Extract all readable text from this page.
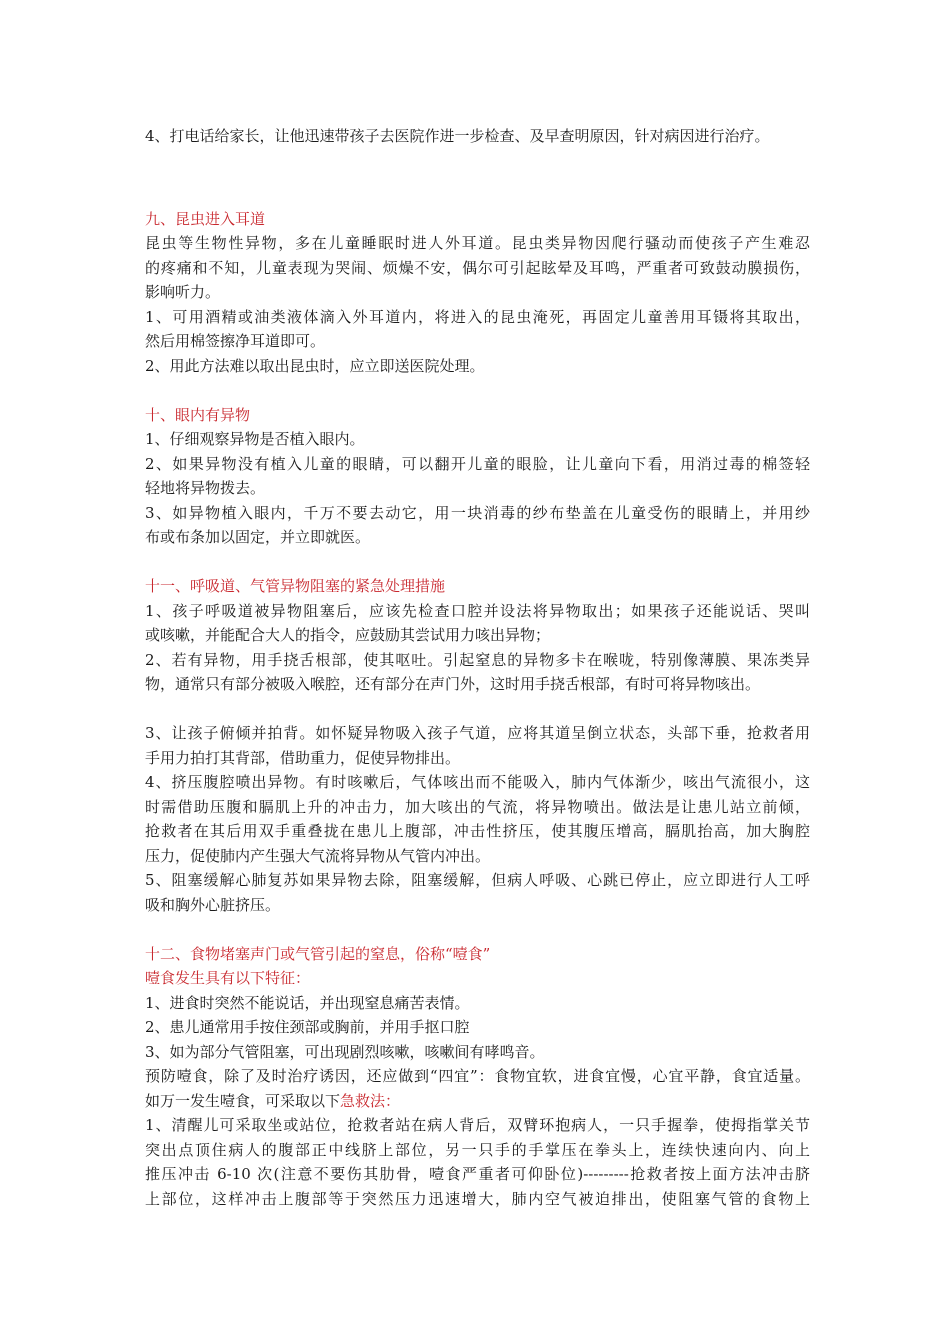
4、打电话给家长，让他迅速带孩子去医院作进一步检查、及早查明原因，针对病因进行治疗。
九、昆虫进入耳道
昆虫等生物性异物，多在儿童睡眠时进人外耳道。昆虫类异物因爬行骚动而使孩子产生难忍
的疼痛和不知，儿童表现为哭闹、烦燥不安，偶尔可引起眩晕及耳鸣，严重者可致鼓动膜损伤，
影响听力。
1、可用酒精或油类液体滴入外耳道内，将进入的昆虫淹死，再固定儿童善用耳镊将其取出，
然后用棉签擦净耳道即可。
2、用此方法难以取出昆虫时，应立即送医院处理。
十、眼内有异物
1、仔细观察异物是否植入眼内。
2、如果异物没有植入儿童的眼睛，可以翻开儿童的眼脸，让儿童向下看，用消过毒的棉签轻
轻地将异物拨去。
3、如异物植入眼内，千万不要去动它，用一块消毒的纱布垫盖在儿童受伤的眼睛上，并用纱
布或布条加以固定，并立即就医。
十一、呼吸道、气管异物阻塞的紧急处理措施
1、孩子呼吸道被异物阻塞后，应该先检查口腔并设法将异物取出；如果孩子还能说话、哭叫
或咳嗽，并能配合大人的指令，应鼓励其尝试用力咳出异物；
2、若有异物，用手挠舌根部，使其呕吐。引起窒息的异物多卡在喉咙，特别像薄膜、果冻类异
物，通常只有部分被吸入喉腔，还有部分在声门外，这时用手挠舌根部，有时可将异物咳出。
3、让孩子俯倾并拍背。如怀疑异物吸入孩子气道，应将其道呈倒立状态，头部下垂，抢救者用
手用力拍打其背部，借助重力，促使异物排出。
4、挤压腹腔喷出异物。有时咳嗽后，气体咳出而不能吸入，肺内气体渐少，咳出气流很小，这
时需借助压腹和膈肌上升的冲击力，加大咳出的气流，将异物喷出。做法是让患儿站立前倾，
抢救者在其后用双手重叠拢在患儿上腹部，冲击性挤压，使其腹压增高，膈肌抬高，加大胸腔
压力，促使肺内产生强大气流将异物从气管内冲出。
5、阻塞缓解心肺复苏如果异物去除，阻塞缓解，但病人呼吸、心跳已停止，应立即进行人工呼
吸和胸外心脏挤压。
十二、食物堵塞声门或气管引起的窒息，俗称“噎食”
噎食发生具有以下特征：
1、进食时突然不能说话，并出现窒息痛苦表情。
2、患儿通常用手按住颈部或胸前，并用手抠口腔
3、如为部分气管阻塞，可出现剧烈咳嗽，咳嗽间有哮鸣音。
预防噎食，除了及时治疗诱因，还应做到“四宜”：食物宜软，进食宜慢，心宜平静，食宜适量。
如万一发生噎食，可采取以下急救法：
1、清醒儿可采取坐或站位，抢救者站在病人背后，双臂环抱病人，一只手握拳，使拇指掌关节
突出点顶住病人的腹部正中线脐上部位，另一只手的手掌压在拳头上，连续快速向内、向上
推压冲击 6-10 次(注意不要伤其肋骨，噎食严重者可仰卧位)---------抢救者按上面方法冲击脐
上部位，这样冲击上腹部等于突然压力迅速增大，肺内空气被迫排出，使阻塞气管的食物上
